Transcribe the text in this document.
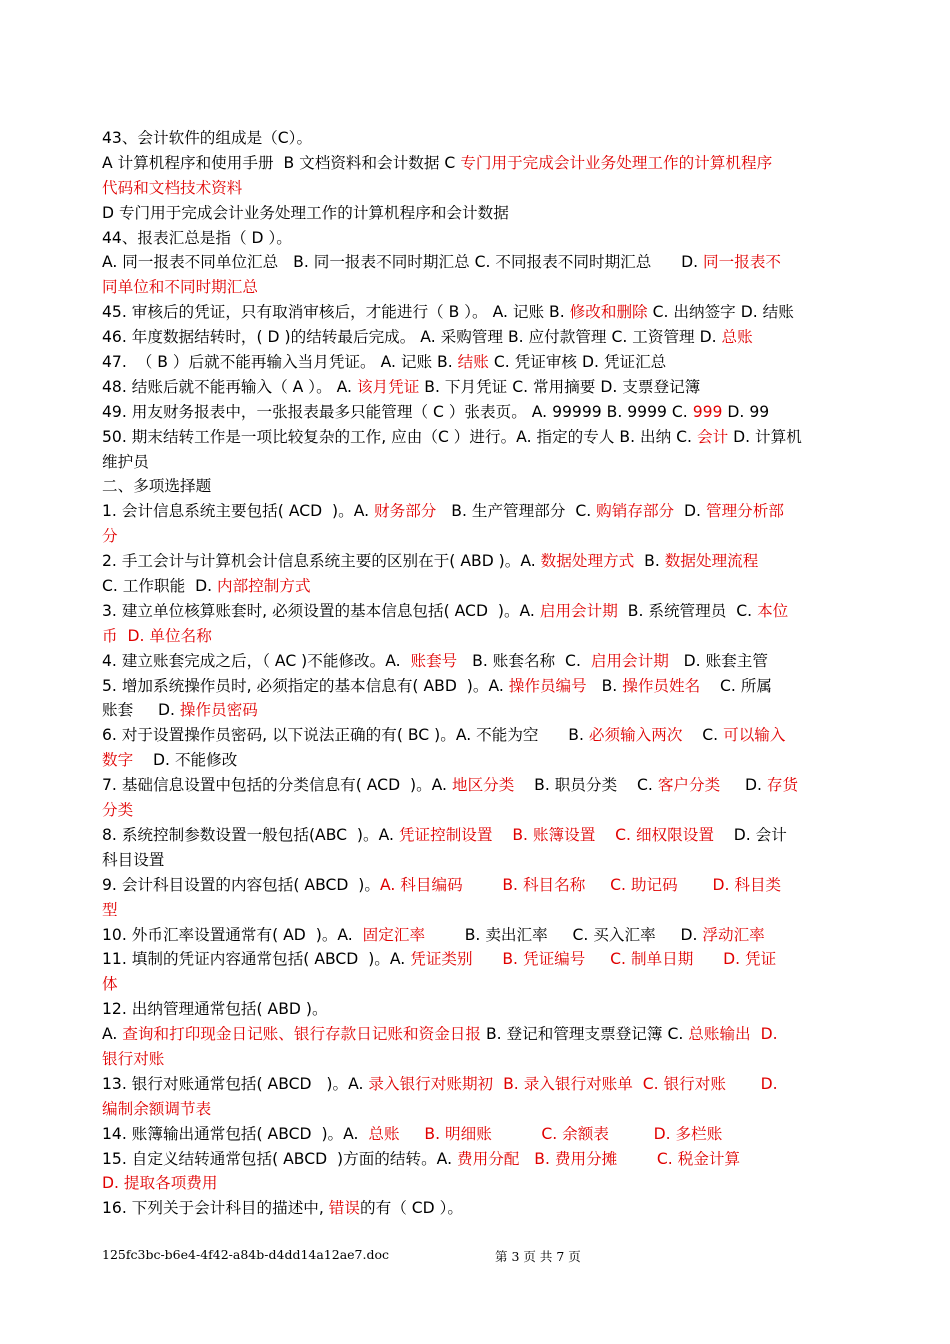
43、会计软件的组成是（C）。
A 计算机程序和使用手册  B 文档资料和会计数据 C 专门用于完成会计业务处理工作的计算机程序
代码和文档技术资料
D 专门用于完成会计业务处理工作的计算机程序和会计数据
44、报表汇总是指（ D ）。
A. 同一报表不同单位汇总   B. 同一报表不同时期汇总 C. 不同报表不同时期汇总      D. 同一报表不
同单位和不同时期汇总
45. 审核后的凭证，只有取消审核后，才能进行（ B ）。 A. 记账 B. 修改和删除 C. 出纳签字 D. 结账
46. 年度数据结转时，( D )的结转最后完成。 A. 采购管理 B. 应付款管理 C. 工资管理 D. 总账
47.  （ B ）后就不能再输入当月凭证。 A. 记账 B. 结账 C. 凭证审核 D. 凭证汇总
48. 结账后就不能再输入（ A ）。 A. 该月凭证 B. 下月凭证 C. 常用摘要 D. 支票登记簿
49. 用友财务报表中，一张报表最多只能管理（ C ）张表页。 A. 99999 B. 9999 C. 999 D. 99
50. 期末结转工作是一项比较复杂的工作, 应由（C ）进行。A. 指定的专人 B. 出纳 C. 会计 D. 计算机
维护员
二、多项选择题
1. 会计信息系统主要包括( ACD  )。A. 财务部分   B. 生产管理部分  C. 购销存部分  D. 管理分析部
分
2. 手工会计与计算机会计信息系统主要的区别在于( ABD )。A. 数据处理方式  B. 数据处理流程
C. 工作职能  D. 内部控制方式
3. 建立单位核算账套时, 必须设置的基本信息包括( ACD  )。A. 启用会计期  B. 系统管理员  C. 本位
币  D. 单位名称
4. 建立账套完成之后，（ AC )不能修改。A.  账套号   B. 账套名称  C.  启用会计期   D. 账套主管
5. 增加系统操作员时, 必须指定的基本信息有( ABD  )。A. 操作员编号   B. 操作员姓名    C. 所属
账套     D. 操作员密码
6. 对于设置操作员密码, 以下说法正确的有( BC )。A. 不能为空      B. 必须输入两次    C. 可以输入
数字    D. 不能修改
7. 基础信息设置中包括的分类信息有( ACD  )。A. 地区分类    B. 职员分类    C. 客户分类     D. 存货
分类
8. 系统控制参数设置一般包括(ABC  )。A. 凭证控制设置 B. 账簿设置 C. 细权限设置    D. 会计
科目设置
9. 会计科目设置的内容包括( ABCD  )。A. 科目编码	B. 科目名称 C. 助记码 D. 科目类
型
10. 外币汇率设置通常有( AD  )。A.  固定汇率        B. 卖出汇率     C. 买入汇率     D. 浮动汇率
11. 填制的凭证内容通常包括( ABCD  )。A. 凭证类别 B. 凭证编号 C. 制单日期 D. 凭证
体
12. 出纳管理通常包括( ABD )。
A. 查询和打印现金日记账、银行存款日记账和资金日报 B. 登记和管理支票登记簿 C. 总账输出 D.
银行对账
13. 银行对账通常包括( ABCD   )。A. 录入银行对账期初 B. 录入银行对账单 C. 银行对账 D.
编制余额调节表
14. 账簿输出通常包括( ABCD  )。A.  总账 B. 明细账	C. 余额表	D. 多栏账
15. 自定义结转通常包括( ABCD  )方面的结转。A. 费用分配 B. 费用分摊	C. 税金计算
D. 提取各项费用
16. 下列关于会计科目的描述中, 错误的有（ CD ）。
125fc3bc-b6e4-4f42-a84b-d4dd14a12ae7.doc	第 3 页 共 7 页
